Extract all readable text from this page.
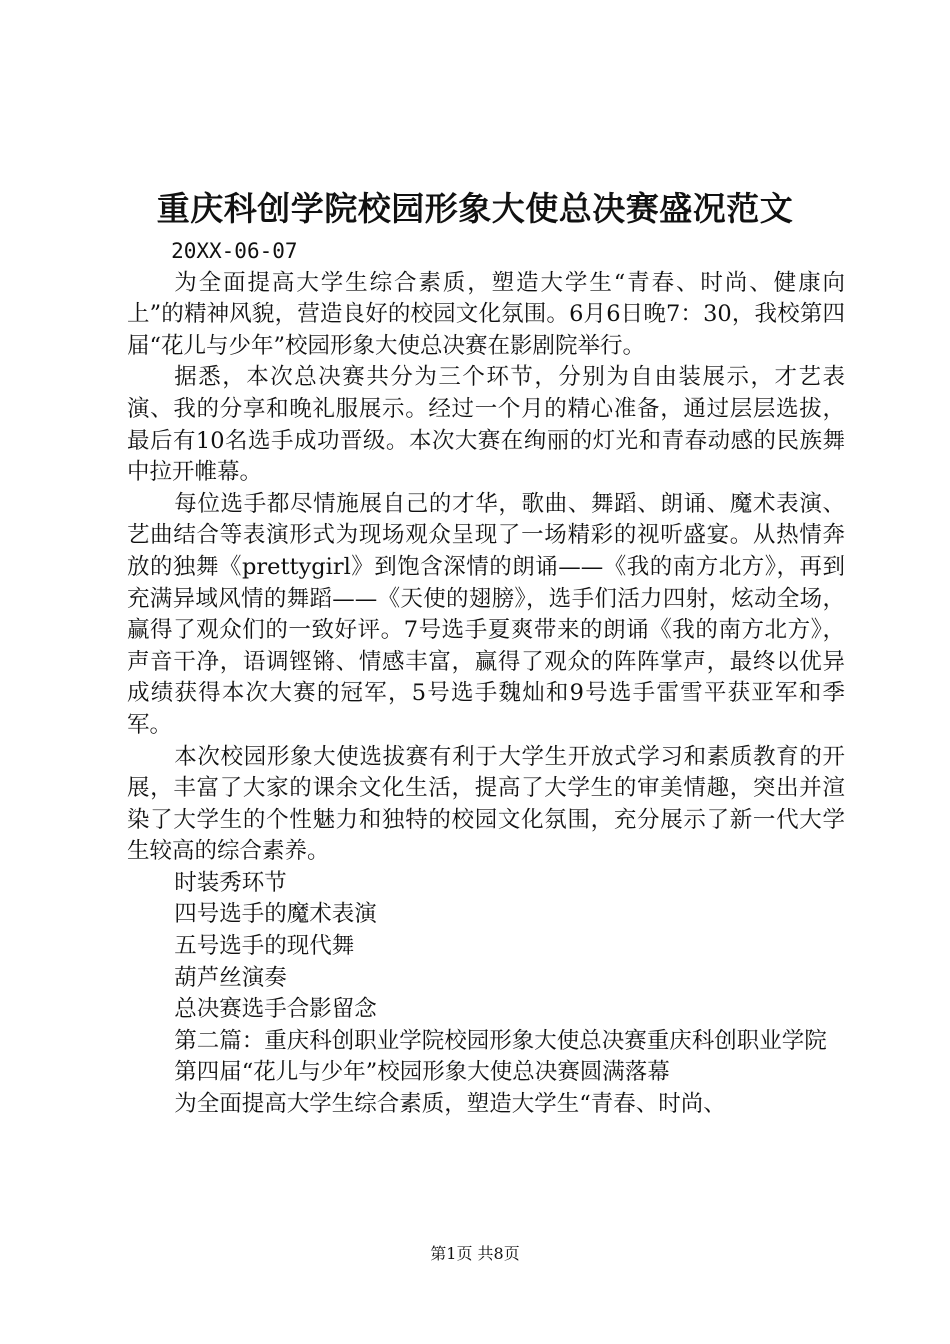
重庆科创学院校园形象大使总决赛盛况范文

20XX-06-07

为全面提高大学生综合素质，塑造大学生“青春、时尚、健康向上”的精神风貌，营造良好的校园文化氛围。6月6日晚7：30，我校第四届“花儿与少年”校园形象大使总决赛在影剧院举行。

据悉，本次总决赛共分为三个环节，分别为自由装展示，才艺表演、我的分享和晚礼服展示。经过一个月的精心准备，通过层层选拔，最后有10名选手成功晋级。本次大赛在绚丽的灯光和青春动感的民族舞中拉开帷幕。

每位选手都尽情施展自己的才华，歌曲、舞蹈、朗诵、魔术表演、艺曲结合等表演形式为现场观众呈现了一场精彩的视听盛宴。从热情奔放的独舞《prettygirl》到饱含深情的朗诵——《我的南方北方》，再到充满异域风情的舞蹈——《天使的翅膀》，选手们活力四射，炫动全场，赢得了观众们的一致好评。7号选手夏爽带来的朗诵《我的南方北方》，声音干净，语调铿锵、情感丰富，赢得了观众的阵阵掌声，最终以优异成绩获得本次大赛的冠军，5号选手魏灿和9号选手雷雪平获亚军和季军。

本次校园形象大使选拔赛有利于大学生开放式学习和素质教育的开展，丰富了大家的课余文化生活，提高了大学生的审美情趣，突出并渲染了大学生的个性魅力和独特的校园文化氛围，充分展示了新一代大学生较高的综合素养。

时装秀环节

四号选手的魔术表演

五号选手的现代舞

葫芦丝演奏

总决赛选手合影留念

第二篇：重庆科创职业学院校园形象大使总决赛重庆科创职业学院

第四届“花儿与少年”校园形象大使总决赛圆满落幕

为全面提高大学生综合素质，塑造大学生“青春、时尚、

第1页 共8页
